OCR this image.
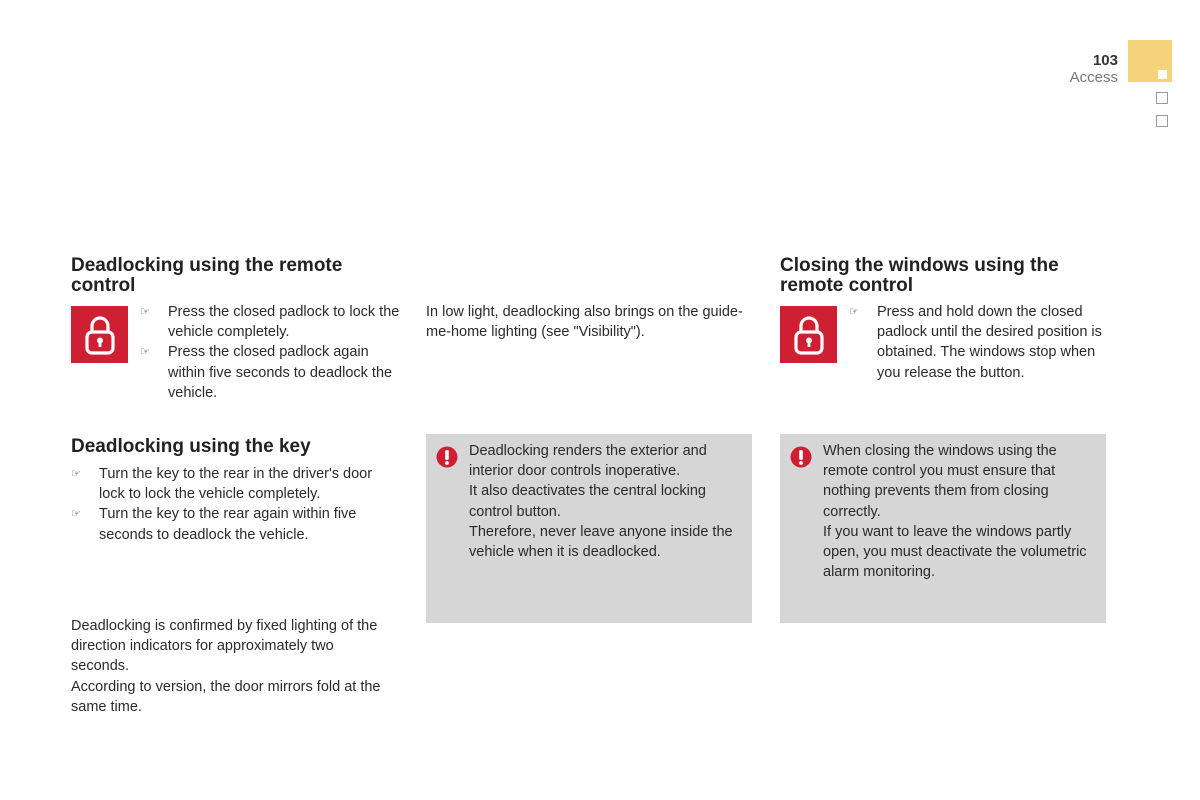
103
Access
Deadlocking using the remote control
☞ Press the closed padlock to lock the vehicle completely.
☞ Press the closed padlock again within five seconds to deadlock the vehicle.

In low light, deadlocking also brings on the guide-me-home lighting (see "Visibility").

Deadlocking using the key
☞ Turn the key to the rear in the driver's door lock to lock the vehicle completely.
☞ Turn the key to the rear again within five seconds to deadlock the vehicle.

Deadlocking is confirmed by fixed lighting of the direction indicators for approximately two seconds.

According to version, the door mirrors fold at the same time.

Deadlocking renders the exterior and interior door controls inoperative.

It also deactivates the central locking control button.

Therefore, never leave anyone inside the vehicle when it is deadlocked.

Closing the windows using the remote control
☞ Press and hold down the closed padlock until the desired position is obtained. The windows stop when you release the button.

When closing the windows using the remote control you must ensure that nothing prevents them from closing correctly.

If you want to leave the windows partly open, you must deactivate the volumetric alarm monitoring.
